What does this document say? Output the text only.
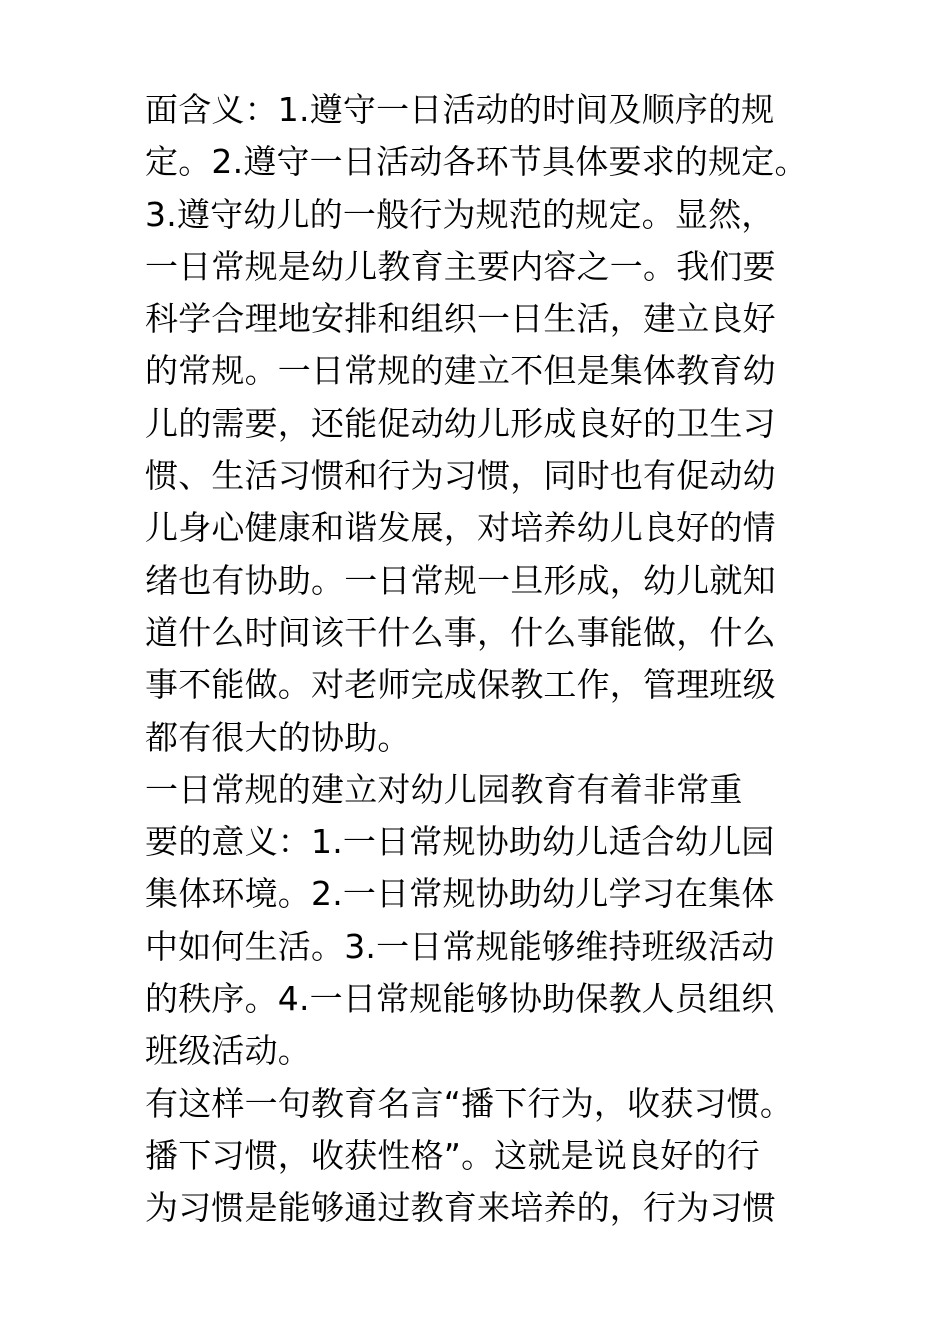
面含义：1.遵守一日活动的时间及顺序的规
定。2.遵守一日活动各环节具体要求的规定。
3.遵守幼儿的一般行为规范的规定。显然，
一日常规是幼儿教育主要内容之一。我们要
科学合理地安排和组织一日生活，建立良好
的常规。一日常规的建立不但是集体教育幼
儿的需要，还能促动幼儿形成良好的卫生习
惯、生活习惯和行为习惯，同时也有促动幼
儿身心健康和谐发展，对培养幼儿良好的情
绪也有协助。一日常规一旦形成，幼儿就知
道什么时间该干什么事，什么事能做，什么
事不能做。对老师完成保教工作，管理班级
都有很大的协助。
一日常规的建立对幼儿园教育有着非常重
要的意义：1.一日常规协助幼儿适合幼儿园
集体环境。2.一日常规协助幼儿学习在集体
中如何生活。3.一日常规能够维持班级活动
的秩序。4.一日常规能够协助保教人员组织
班级活动。
有这样一句教育名言“播下行为，收获习惯。
播下习惯，收获性格”。这就是说良好的行
为习惯是能够通过教育来培养的，行为习惯
